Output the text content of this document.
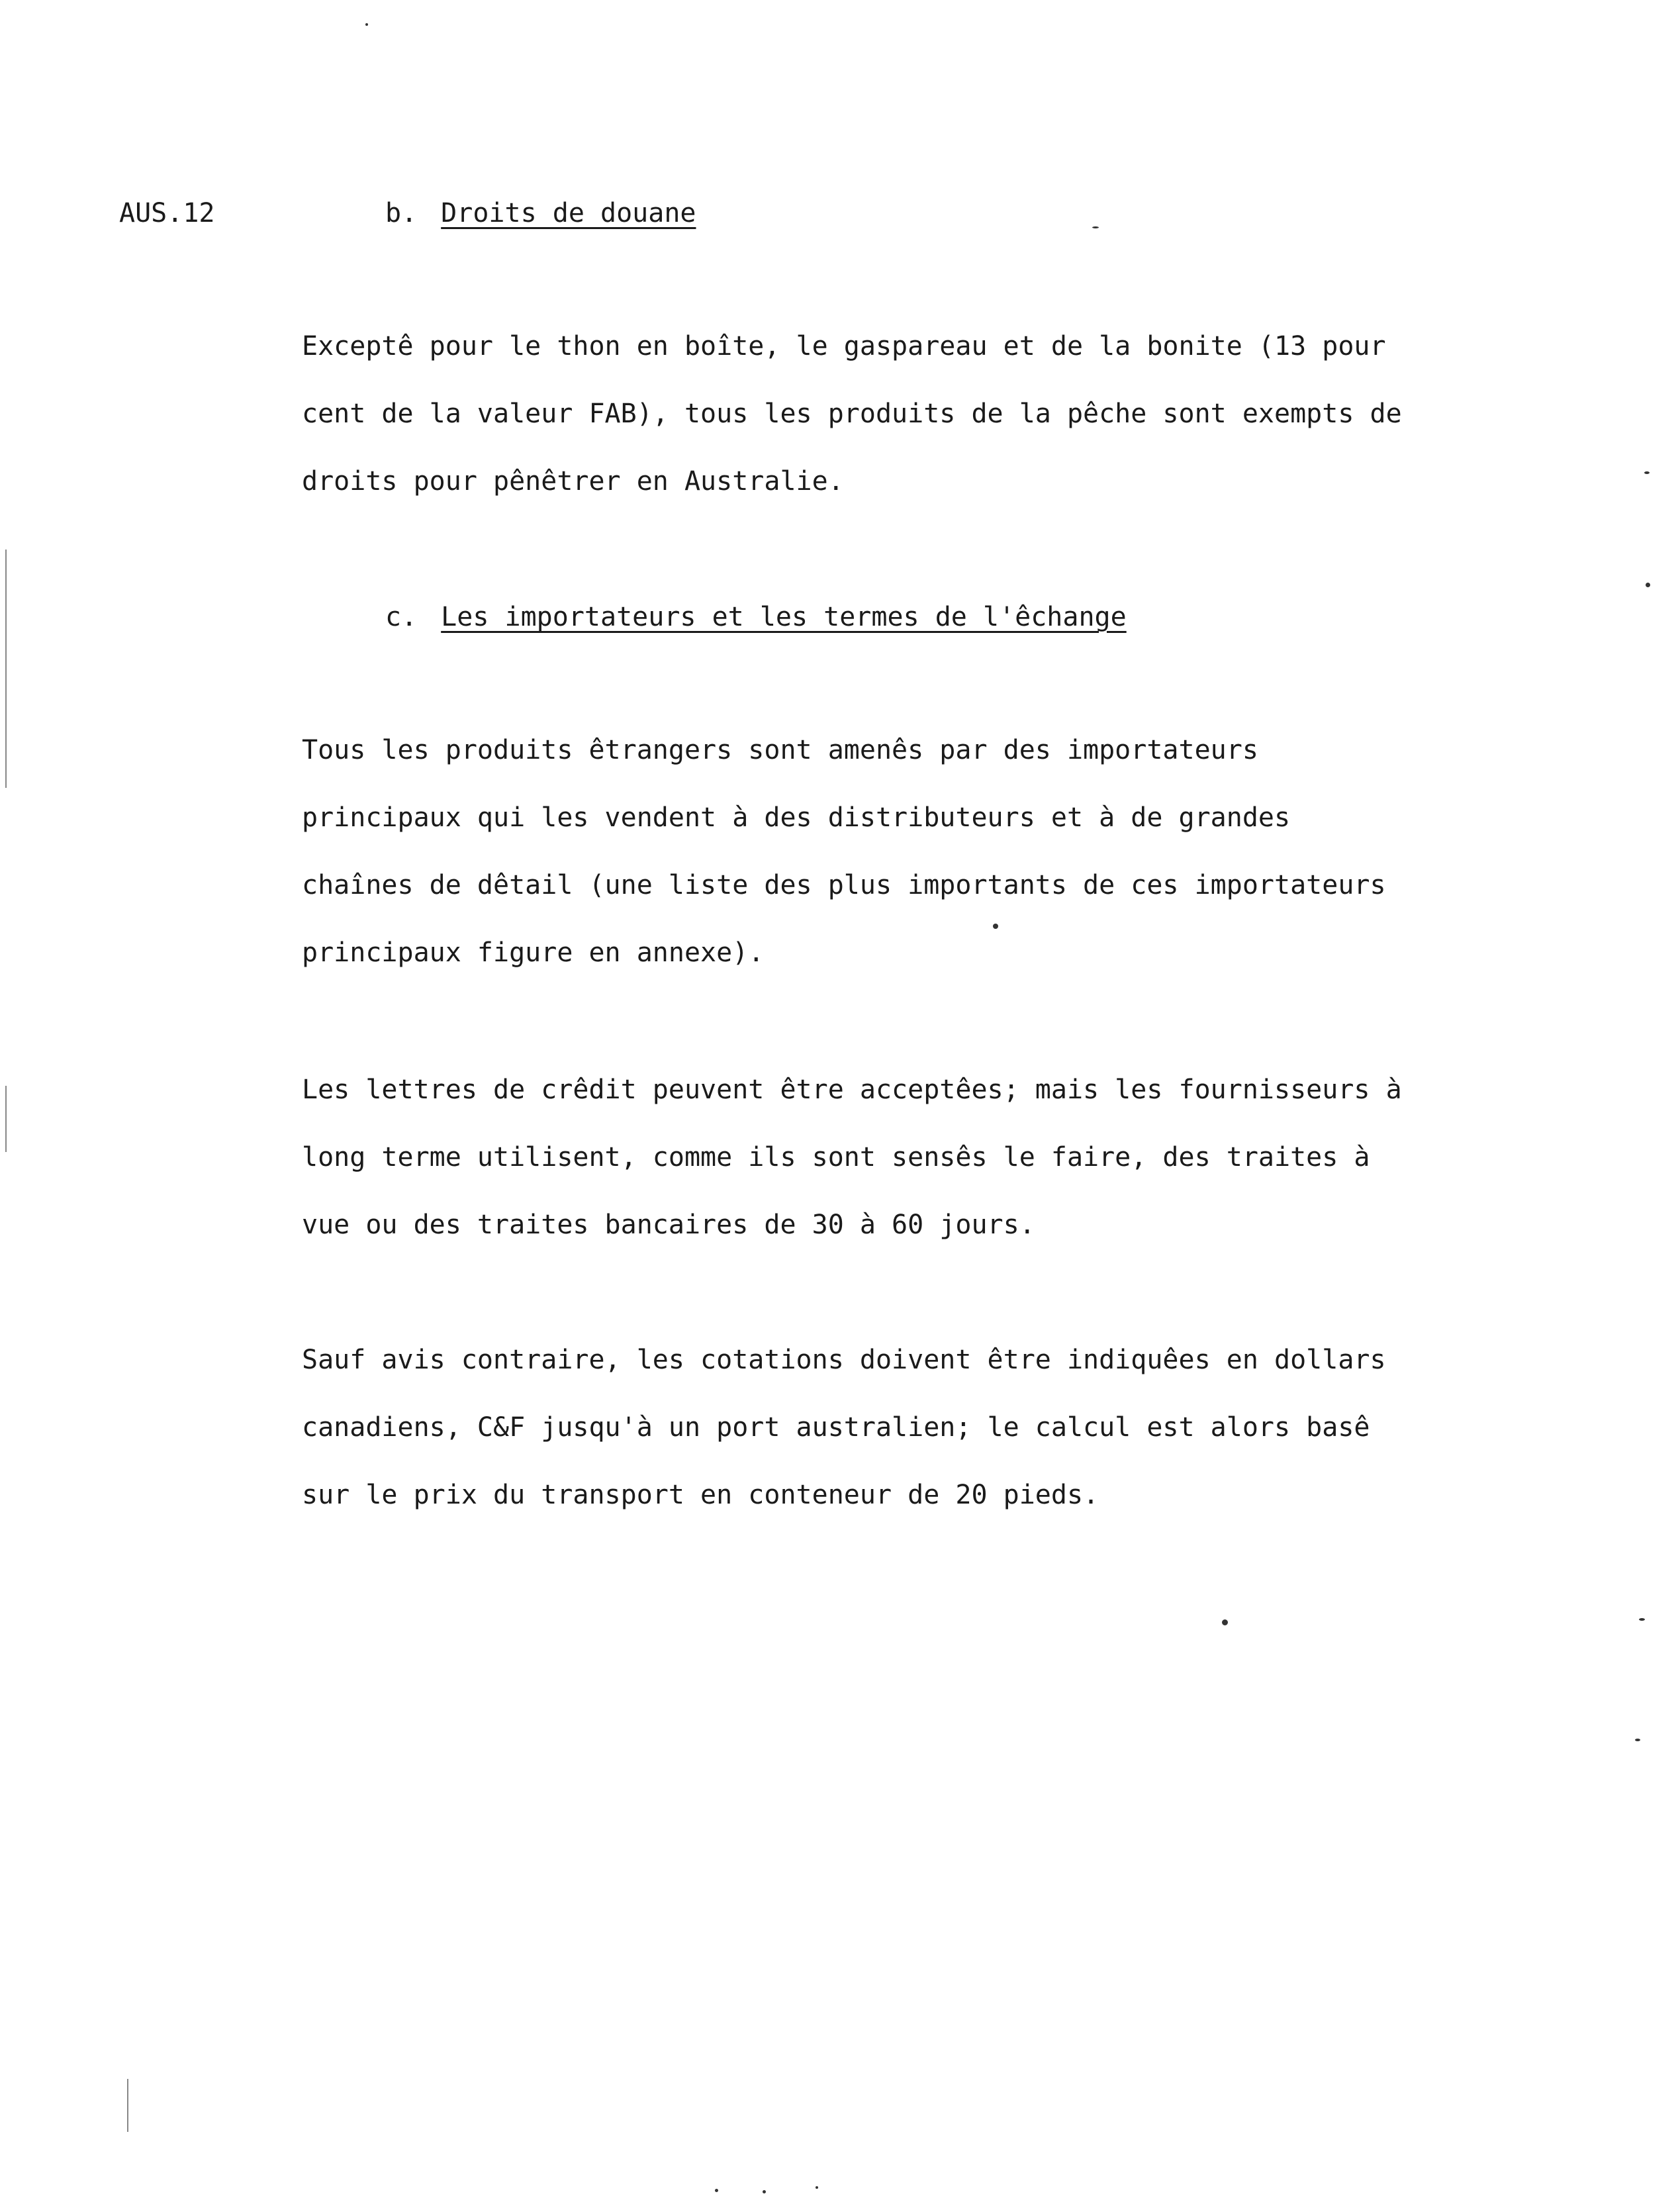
AUS.12	b. Droits de douane

Exceptê pour le thon en boîte, le gaspareau et de la bonite (13 pour
cent de la valeur FAB), tous les produits de la pêche sont exempts de
droits pour pênêtrer en Australie.

c. Les importateurs et les termes de l'êchange

Tous les produits êtrangers sont amenês par des importateurs
principaux qui les vendent à des distributeurs et à de grandes
chaînes de dêtail (une liste des plus importants de ces importateurs
principaux figure en annexe).

Les lettres de crêdit peuvent être acceptêes; mais les fournisseurs à
long terme utilisent, comme ils sont sensês le faire, des traites à
vue ou des traites bancaires de 30 à 60 jours.

Sauf avis contraire, les cotations doivent être indiquêes en dollars
canadiens, C&F jusqu'à un port australien; le calcul est alors basê
sur le prix du transport en conteneur de 20 pieds.
